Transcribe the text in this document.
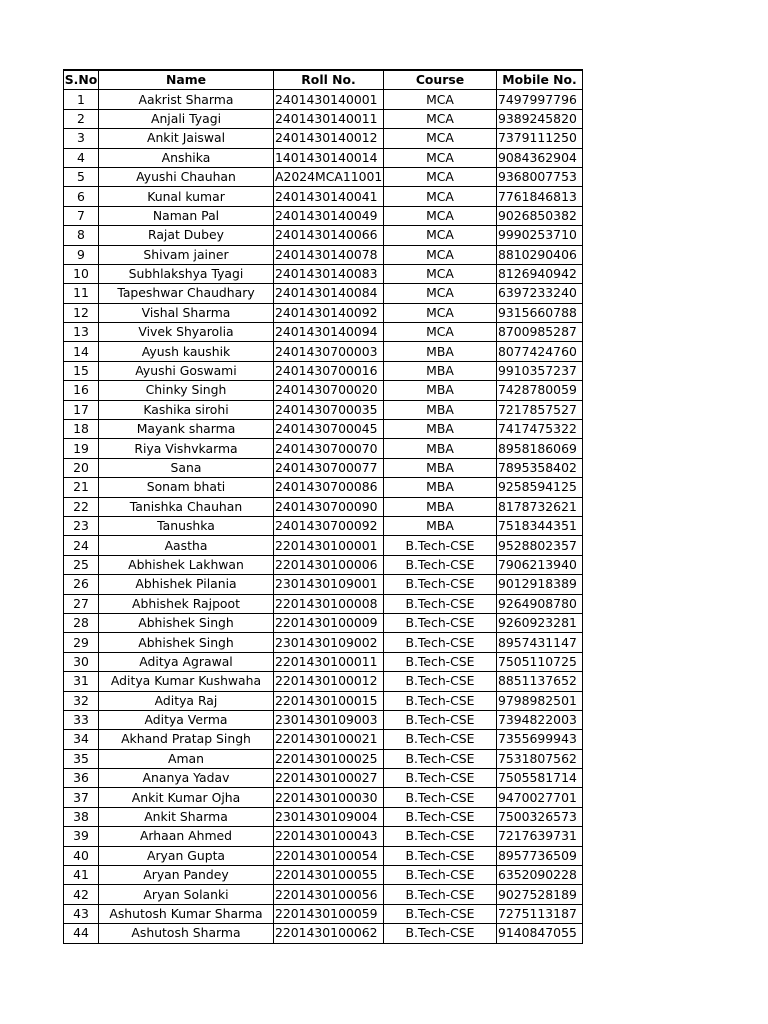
S.No	Name	Roll No.	Course	Mobile No.
1	Aakrist Sharma	2401430140001	MCA	7497997796
2	Anjali Tyagi	2401430140011	MCA	9389245820
3	Ankit Jaiswal	2401430140012	MCA	7379111250
4	Anshika	1401430140014	MCA	9084362904
5	Ayushi Chauhan	A2024MCA11001	MCA	9368007753
6	Kunal kumar	2401430140041	MCA	7761846813
7	Naman Pal	2401430140049	MCA	9026850382
8	Rajat Dubey	2401430140066	MCA	9990253710
9	Shivam jainer	2401430140078	MCA	8810290406
10	Subhlakshya Tyagi	2401430140083	MCA	8126940942
11	Tapeshwar Chaudhary	2401430140084	MCA	6397233240
12	Vishal Sharma	2401430140092	MCA	9315660788
13	Vivek Shyarolia	2401430140094	MCA	8700985287
14	Ayush kaushik	2401430700003	MBA	8077424760
15	Ayushi Goswami	2401430700016	MBA	9910357237
16	Chinky Singh	2401430700020	MBA	7428780059
17	Kashika sirohi	2401430700035	MBA	7217857527
18	Mayank sharma	2401430700045	MBA	7417475322
19	Riya Vishvkarma	2401430700070	MBA	8958186069
20	Sana	2401430700077	MBA	7895358402
21	Sonam bhati	2401430700086	MBA	9258594125
22	Tanishka Chauhan	2401430700090	MBA	8178732621
23	Tanushka	2401430700092	MBA	7518344351
24	Aastha	2201430100001	B.Tech-CSE	9528802357
25	Abhishek Lakhwan	2201430100006	B.Tech-CSE	7906213940
26	Abhishek Pilania	2301430109001	B.Tech-CSE	9012918389
27	Abhishek Rajpoot	2201430100008	B.Tech-CSE	9264908780
28	Abhishek Singh	2201430100009	B.Tech-CSE	9260923281
29	Abhishek Singh	2301430109002	B.Tech-CSE	8957431147
30	Aditya Agrawal	2201430100011	B.Tech-CSE	7505110725
31	Aditya Kumar Kushwaha	2201430100012	B.Tech-CSE	8851137652
32	Aditya Raj	2201430100015	B.Tech-CSE	9798982501
33	Aditya Verma	2301430109003	B.Tech-CSE	7394822003
34	Akhand Pratap Singh	2201430100021	B.Tech-CSE	7355699943
35	Aman	2201430100025	B.Tech-CSE	7531807562
36	Ananya Yadav	2201430100027	B.Tech-CSE	7505581714
37	Ankit Kumar Ojha	2201430100030	B.Tech-CSE	9470027701
38	Ankit Sharma	2301430109004	B.Tech-CSE	7500326573
39	Arhaan Ahmed	2201430100043	B.Tech-CSE	7217639731
40	Aryan Gupta	2201430100054	B.Tech-CSE	8957736509
41	Aryan Pandey	2201430100055	B.Tech-CSE	6352090228
42	Aryan Solanki	2201430100056	B.Tech-CSE	9027528189
43	Ashutosh Kumar Sharma	2201430100059	B.Tech-CSE	7275113187
44	Ashutosh Sharma	2201430100062	B.Tech-CSE	9140847055
